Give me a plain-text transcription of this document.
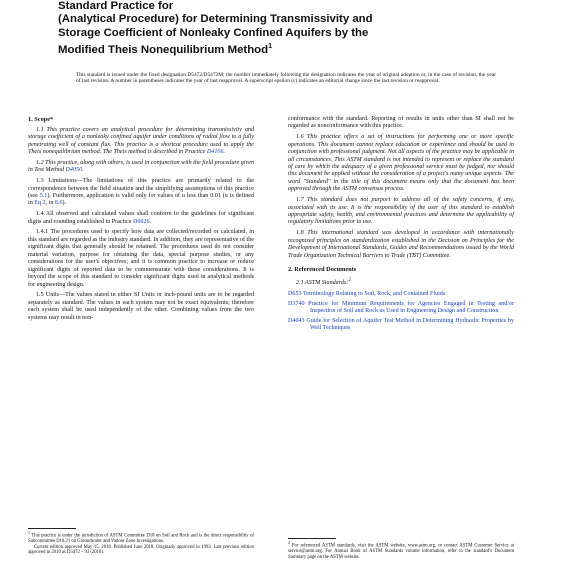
Standard Practice for
(Analytical Procedure) for Determining Transmissivity and
Storage Coefficient of Nonleaky Confined Aquifers by the
Modified Theis Nonequilibrium Method$^1$
This standard is issued under the fixed designation D5472/D5472M; the number immediately following the designation indicates the year of original adoption or, in the case of revision, the year of last revision. A number in parentheses indicates the year of last reapproval. A superscript epsilon (ε) indicates an editorial change since the last revision or reapproval.

1. Scope*

1.1 This practice covers an analytical procedure for determining transmissivity and storage coefficient of a nonleaky confined aquifer under conditions of radial flow to a fully penetrating well of constant flux. This practice is a shortcut procedure used to apply the Theis nonequilibrium method. The Theis method is described in Practice D4106.

1.2 This practice, along with others, is used in conjunction with the field procedure given in Test Method D4050.

1.3 Limitations—The limitations of this practice are primarily related to the correspondence between the field situation and the simplifying assumptions of this practice (see 5.1). Furthermore, application is valid only for values of u less than 0.01 (u is defined in Eq 2, in 8.6).

1.4 All observed and calculated values shall conform to the guidelines for significant digits and rounding established in Practice D6026.

1.4.1 The procedures used to specify how data are collected/recorded or calculated, in this standard are regarded as the industry standard. In addition, they are representative of the significant digits that generally should be retained. The procedures used do not consider material variation, purpose for obtaining the data, special purpose studies, or any considerations for the user's objectives; and it is common practice to increase or reduce significant digits of reported data to be commensurate with these considerations. It is beyond the scope of this standard to consider significant digits used in analytical methods for engineering design.

1.5 Units—The values stated in either SI Units or inch-pound units are to be regarded separately as standard. The values in each system may not be exact equivalents; therefore each system shall be used independently of the other. Combining values from the two systems may result in non-

$^1$ This practice is under the jurisdiction of ASTM Committee D18 on Soil and Rock and is the direct responsibility of Subcommittee D18.21 on Groundwater and Vadose Zone Investigations.
Current edition approved May 15, 2018. Published June 2018. Originally approved in 1993. Last previous edition approved in 2010 as D5472 – 93 (2010).

conformance with the standard. Reporting of results in units other than SI shall not be regarded as nonconformance with this practice.

1.6 This practice offers a set of instructions for performing one or more specific operations. This document cannot replace education or experience and should be used in conjunction with professional judgment. Not all aspects of the practice may be applicable in all circumstances. This ASTM standard is not intended to represent or replace the standard of care by which the adequacy of a given professional service must be judged, nor should this document be applied without the consideration of a project's many unique aspects. The word "Standard" in the title of this document means only that the document has been approved through the ASTM consensus process.

1.7 This standard does not purport to address all of the safety concerns, if any, associated with its use. It is the responsibility of the user of this standard to establish appropriate safety, health, and environmental practices and determine the applicability of regulatory limitations prior to use.

1.8 This international standard was developed in accordance with internationally recognized principles on standardization established in the Decision on Principles for the Development of International Standards, Guides and Recommendations issued by the World Trade Organization Technical Barriers to Trade (TBT) Committee.

2. Referenced Documents

2.1 ASTM Standards:$^2$

D653 Terminology Relating to Soil, Rock, and Contained Fluids
D3740 Practice for Minimum Requirements for Agencies Engaged in Testing and/or Inspection of Soil and Rock as Used in Engineering Design and Construction
D4043 Guide for Selection of Aquifer Test Method in Determining Hydraulic Properties by Well Techniques
$^2$ For referenced ASTM standards, visit the ASTM website, www.astm.org, or contact ASTM Customer Service at service@astm.org. For Annual Book of ASTM Standards volume information, refer to the standard's Document Summary page on the ASTM website.
